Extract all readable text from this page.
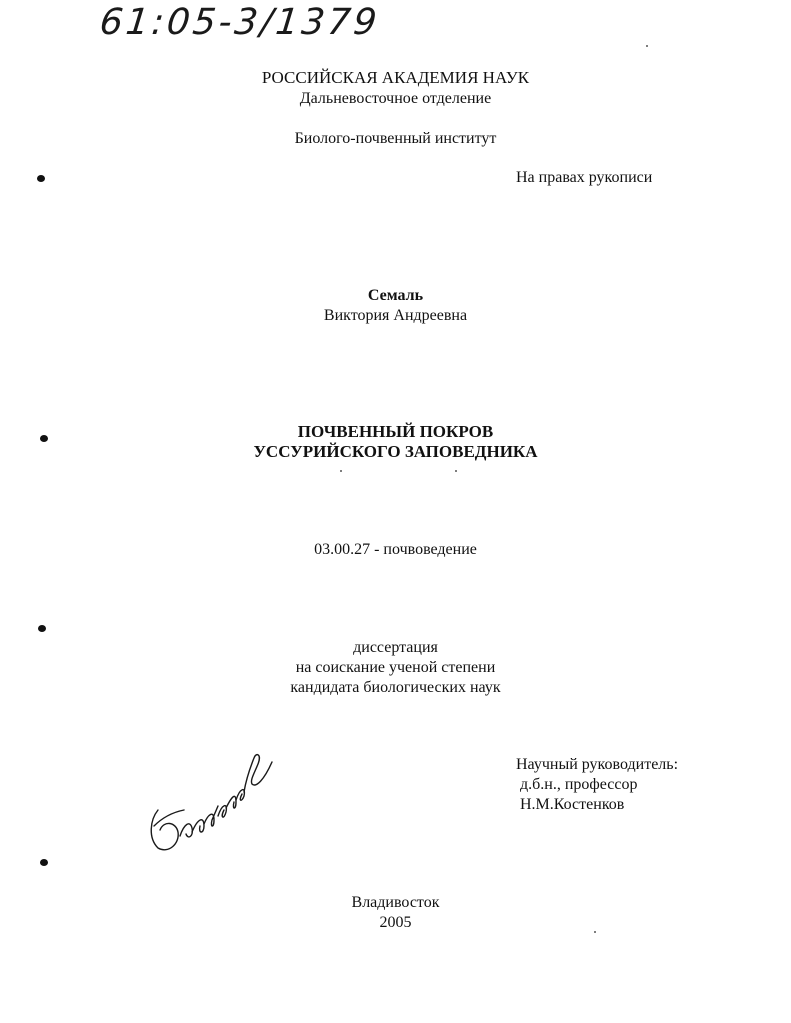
61:05-3/1379
РОССИЙСКАЯ АКАДЕМИЯ НАУК
Дальневосточное отделение
Биолого-почвенный институт
На правах рукописи
Семаль
Виктория Андреевна
ПОЧВЕННЫЙ ПОКРОВ
УССУРИЙСКОГО ЗАПОВЕДНИКА
03.00.27 - почвоведение
диссертация
на соискание ученой степени
кандидата биологических наук
Научный руководитель:
д.б.н., профессор
Н.М.Костенков
Владивосток
2005
